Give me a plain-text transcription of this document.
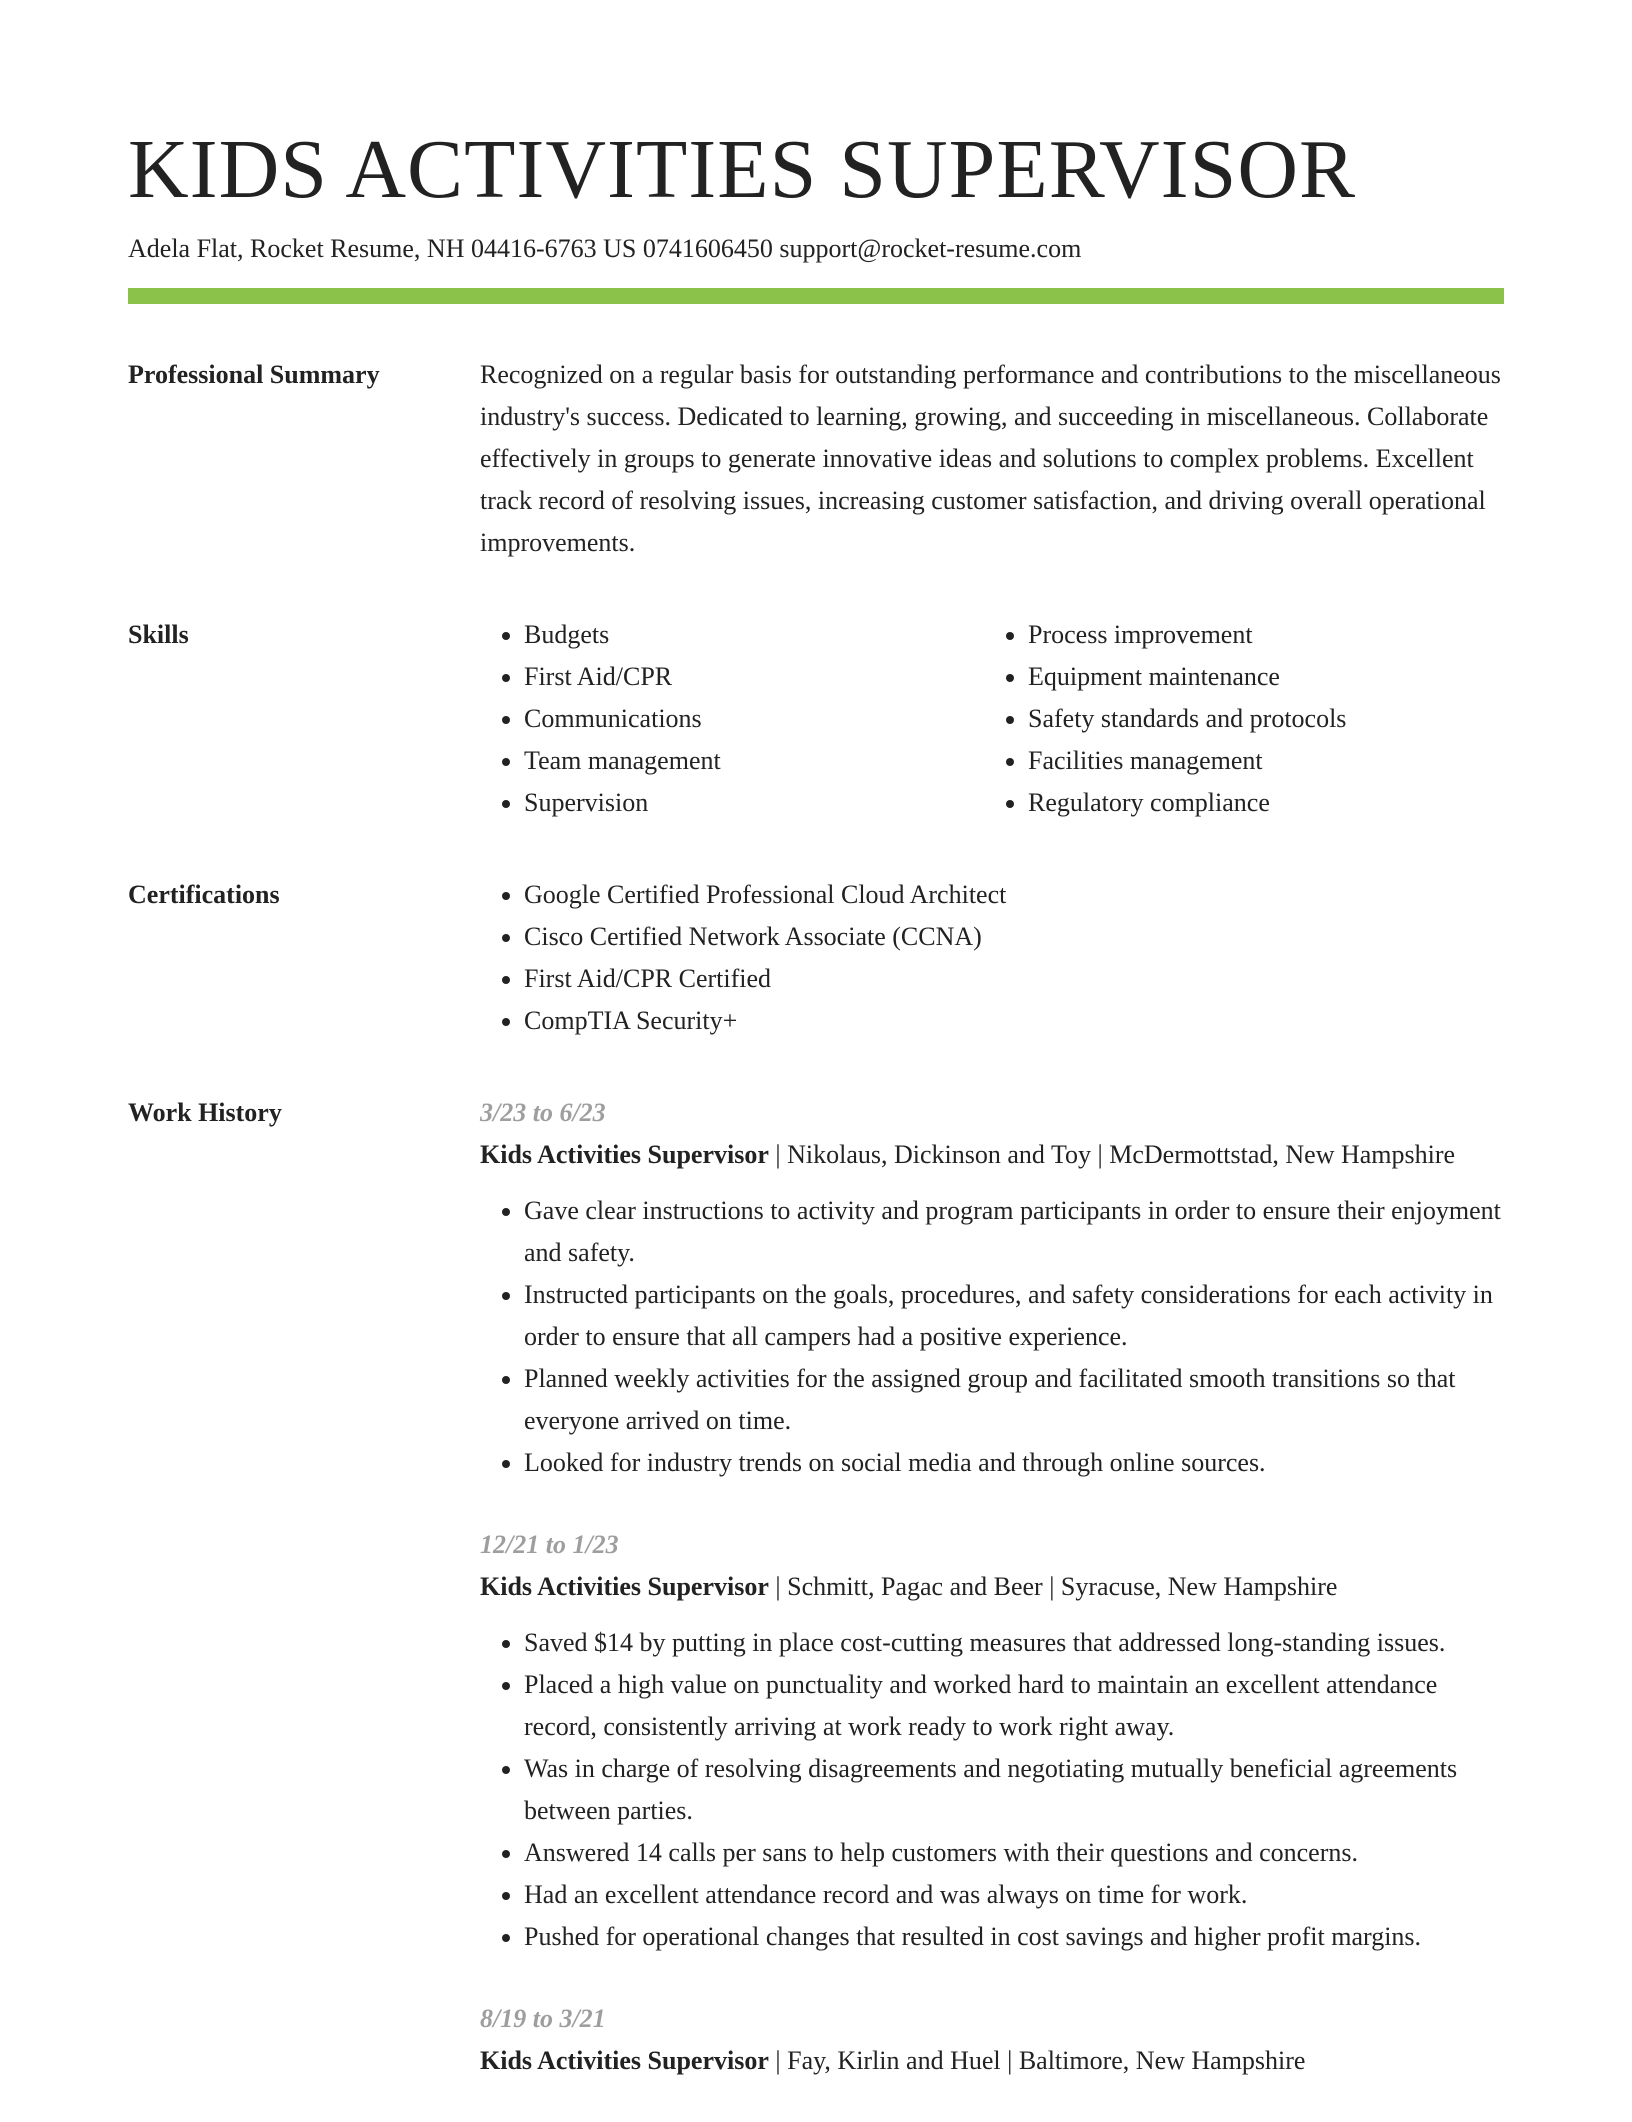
KIDS ACTIVITIES SUPERVISOR
Adela Flat, Rocket Resume, NH 04416-6763 US 0741606450 support@rocket-resume.com
Professional Summary	Recognized on a regular basis for outstanding performance and contributions to the miscellaneous industry's success. Dedicated to learning, growing, and succeeding in miscellaneous. Collaborate effectively in groups to generate innovative ideas and solutions to complex problems. Excellent track record of resolving issues, increasing customer satisfaction, and driving overall operational improvements.

Skills	• Budgets
• First Aid/CPR
• Communications
• Team management
• Supervision
• Process improvement
• Equipment maintenance
• Safety standards and protocols
• Facilities management
• Regulatory compliance
Certifications	• Google Certified Professional Cloud Architect
• Cisco Certified Network Associate (CCNA)
• First Aid/CPR Certified
• CompTIA Security+
Work History	3/23 to 6/23
Kids Activities Supervisor | Nikolaus, Dickinson and Toy | McDermottstad, New Hampshire
• Gave clear instructions to activity and program participants in order to ensure their enjoyment and safety.
• Instructed participants on the goals, procedures, and safety considerations for each activity in order to ensure that all campers had a positive experience.
• Planned weekly activities for the assigned group and facilitated smooth transitions so that everyone arrived on time.
• Looked for industry trends on social media and through online sources.
12/21 to 1/23
Kids Activities Supervisor | Schmitt, Pagac and Beer | Syracuse, New Hampshire
• Saved $14 by putting in place cost-cutting measures that addressed long-standing issues.
• Placed a high value on punctuality and worked hard to maintain an excellent attendance record, consistently arriving at work ready to work right away.
• Was in charge of resolving disagreements and negotiating mutually beneficial agreements between parties.
• Answered 14 calls per sans to help customers with their questions and concerns.
• Had an excellent attendance record and was always on time for work.
• Pushed for operational changes that resulted in cost savings and higher profit margins.
8/19 to 3/21
Kids Activities Supervisor | Fay, Kirlin and Huel | Baltimore, New Hampshire
